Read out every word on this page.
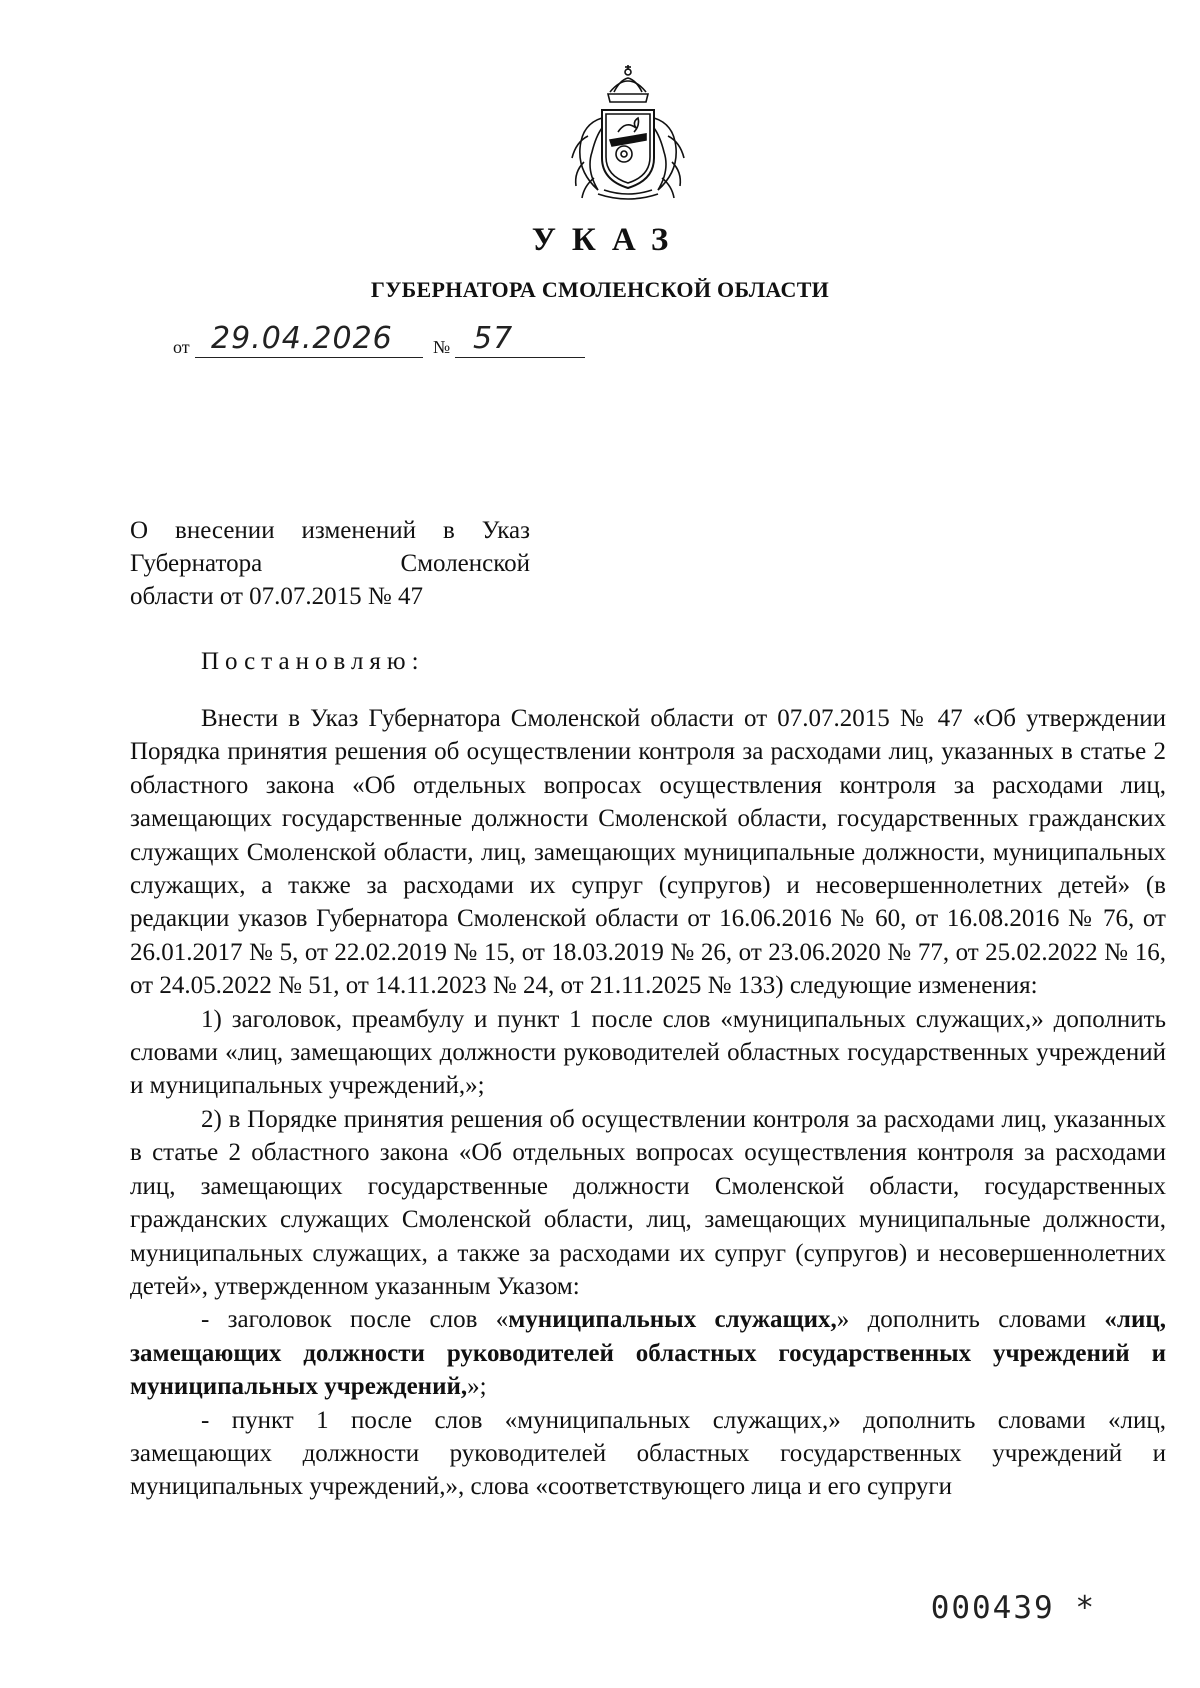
УКАЗ
ГУБЕРНАТОРА СМОЛЕНСКОЙ ОБЛАСТИ
от 29.04.2026 № 57
О внесении изменений в Указ
Губернатора	Смоленской
области от 07.07.2015 № 47
Постановляю:

Внести в Указ Губернатора Смоленской области от 07.07.2015 № 47 «Об утверждении Порядка принятия решения об осуществлении контроля за расходами лиц, указанных в статье 2 областного закона «Об отдельных вопросах осуществления контроля за расходами лиц, замещающих государственные должности Смоленской области, государственных гражданских служащих Смоленской области, лиц, замещающих муниципальные должности, муниципальных служащих, а также за расходами их супруг (супругов) и несовершеннолетних детей» (в редакции указов Губернатора Смоленской области от 16.06.2016 № 60, от 16.08.2016 № 76, от 26.01.2017 № 5, от 22.02.2019 № 15, от 18.03.2019 № 26, от 23.06.2020 № 77, от 25.02.2022 № 16, от 24.05.2022 № 51, от 14.11.2023 № 24, от 21.11.2025 № 133) следующие изменения:

1) заголовок, преамбулу и пункт 1 после слов «муниципальных служащих,» дополнить словами «лиц, замещающих должности руководителей областных государственных учреждений и муниципальных учреждений,»;

2) в Порядке принятия решения об осуществлении контроля за расходами лиц, указанных в статье 2 областного закона «Об отдельных вопросах осуществления контроля за расходами лиц, замещающих государственные должности Смоленской области, государственных гражданских служащих Смоленской области, лиц, замещающих муниципальные должности, муниципальных служащих, а также за расходами их супруг (супругов) и несовершеннолетних детей», утвержденном указанным Указом:

- заголовок после слов «муниципальных служащих,» дополнить словами «лиц, замещающих должности руководителей областных государственных учреждений и муниципальных учреждений,»;

- пункт 1 после слов «муниципальных служащих,» дополнить словами «лиц, замещающих должности руководителей областных государственных учреждений и муниципальных учреждений,», слова «соответствующего лица и его супруги

000439 *
